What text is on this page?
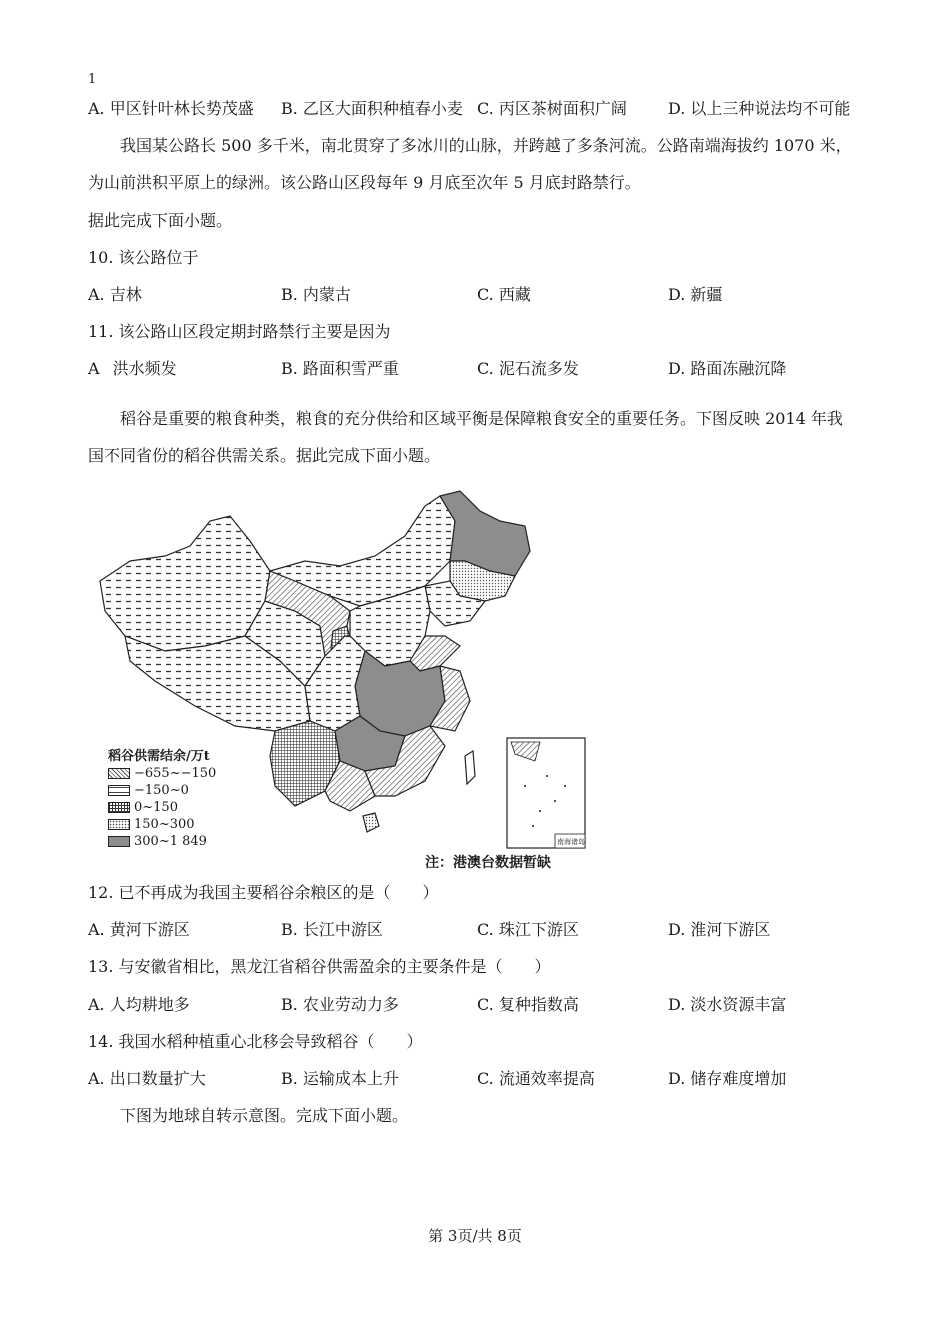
1
A. 甲区针叶林长势茂盛 B. 乙区大面积种植春小麦 C. 丙区茶树面积广阔	D. 以上三种说法均不可能
我国某公路长 500 多千米，南北贯穿了多冰川的山脉，并跨越了多条河流。公路南端海拔约 1070 米，
为山前洪积平原上的绿洲。该公路山区段每年 9 月底至次年 5 月底封路禁行。
据此完成下面小题。
10. 该公路位于
A. 吉林	B. 内蒙古	C. 西藏	D. 新疆
11. 该公路山区段定期封路禁行主要是因为
A 洪水频发	B. 路面积雪严重	C. 泥石流多发	D. 路面冻融沉降
稻谷是重要的粮食种类，粮食的充分供给和区域平衡是保障粮食安全的重要任务。下图反映 2014 年我
国不同省份的稻谷供需关系。据此完成下面小题。
南海诸岛
稻谷供需结余/万t
−655~−150
−150~0
0~150
150~300
300~1 849
注：港澳台数据暂缺
12. 已不再成为我国主要稻谷余粮区的是（　　）
A. 黄河下游区	B. 长江中游区	C. 珠江下游区	D. 淮河下游区
13. 与安徽省相比，黑龙江省稻谷供需盈余的主要条件是（　　）
A. 人均耕地多	B. 农业劳动力多	C. 复种指数高	D. 淡水资源丰富
14. 我国水稻种植重心北移会导致稻谷（　　）
A. 出口数量扩大	B. 运输成本上升	C. 流通效率提高	D. 储存难度增加
下图为地球自转示意图。完成下面小题。
第 3页/共 8页
